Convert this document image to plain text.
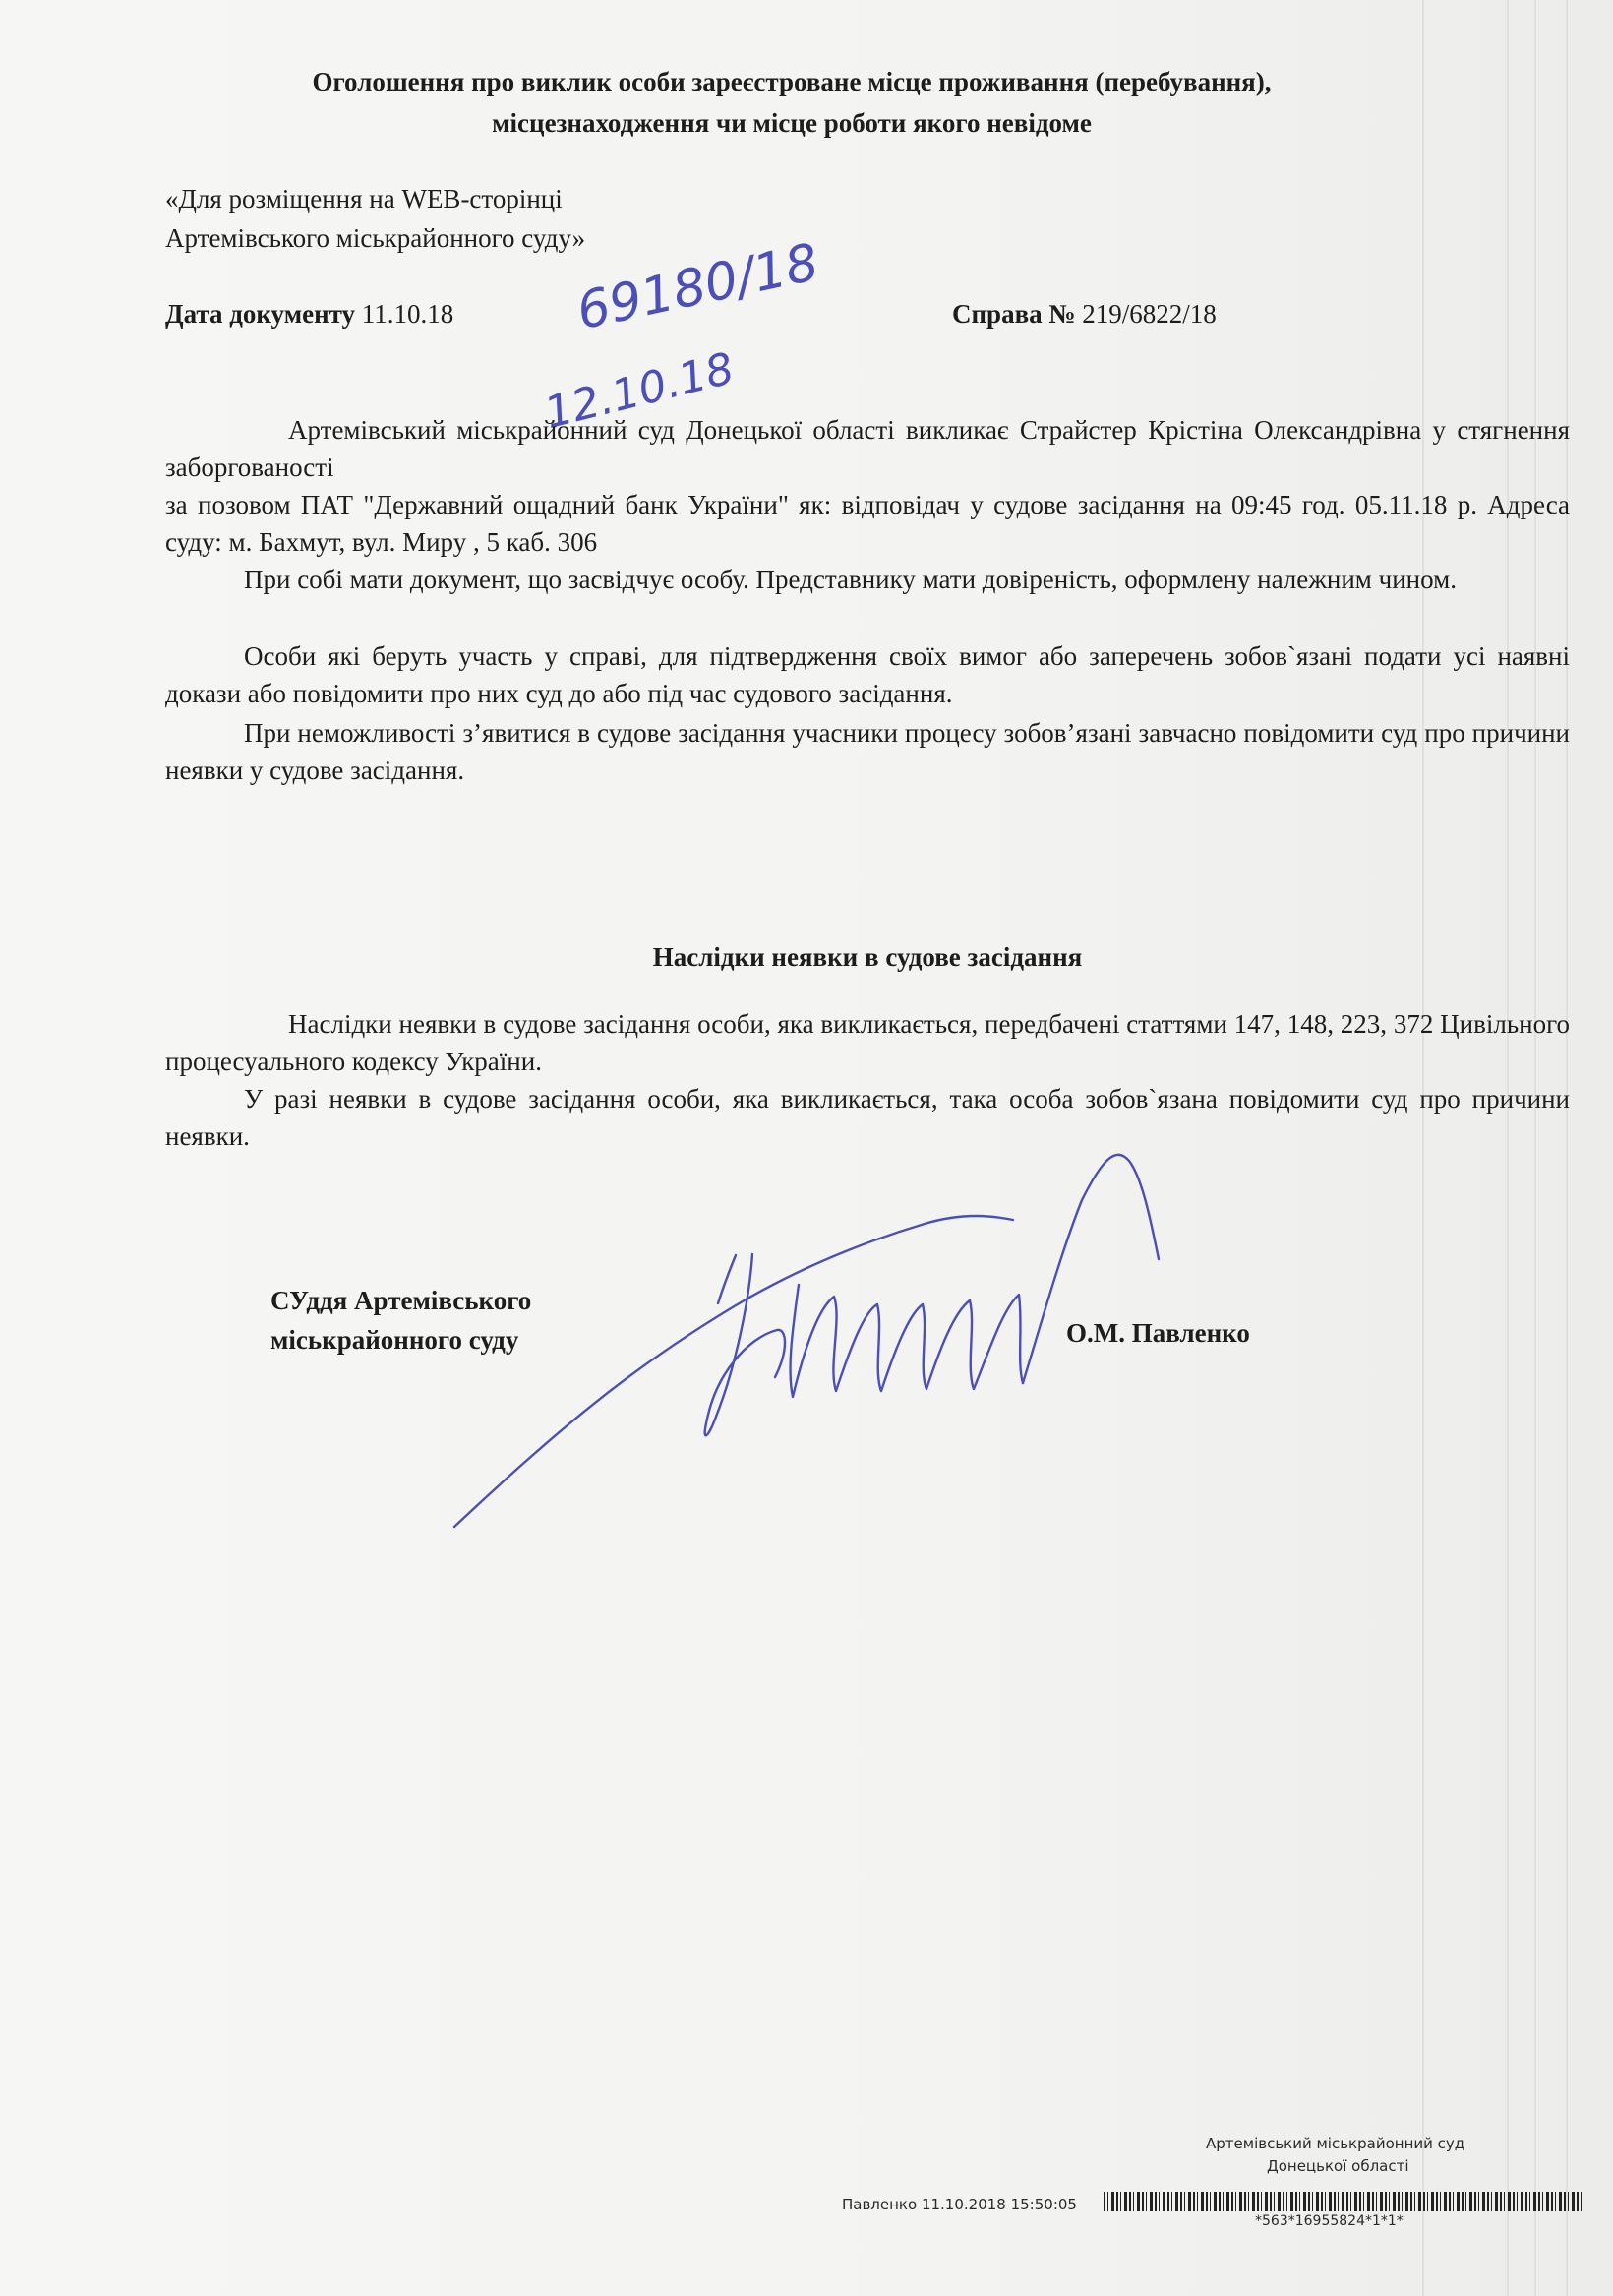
Оголошення про виклик особи зареєстроване місце проживання (перебування),
місцезнаходження чи місце роботи якого невідоме
«Для розміщення на WEB-сторінці
Артемівського міськрайонного суду»
Дата документу 11.10.18	Справа № 219/6822/18
69180/18
12.10.18
Артемівський міськрайонний суд Донецької області викликає Страйстер Крістіна Олександрівна у стягнення заборгованості
за позовом ПАТ "Державний ощадний банк України" як: відповідач у судове засідання на 09:45 год. 05.11.18 р. Адреса суду: м. Бахмут, вул. Миру , 5 каб. 306
При собі мати документ, що засвідчує особу. Представнику мати довіреність, оформлену належним чином.
Особи які беруть участь у справі, для підтвердження своїх вимог або заперечень зобов`язані подати усі наявні докази або повідомити про них суд до або під час судового засідання.
При неможливості з’явитися в судове засідання учасники процесу зобов’язані завчасно повідомити суд про причини неявки у судове засідання.
Наслідки неявки в судове засідання
Наслідки неявки в судове засідання особи, яка викликається, передбачені статтями 147, 148, 223, 372 Цивільного процесуального кодексу України.
У разі неявки в судове засідання особи, яка викликається, така особа зобов`язана повідомити суд про причини неявки.
СУддя Артемівського
міськрайонного суду	О.М. Павленко
Артемівський міськрайонний суд
Донецької області
Павленко 11.10.2018 15:50:05
*563*16955824*1*1*
